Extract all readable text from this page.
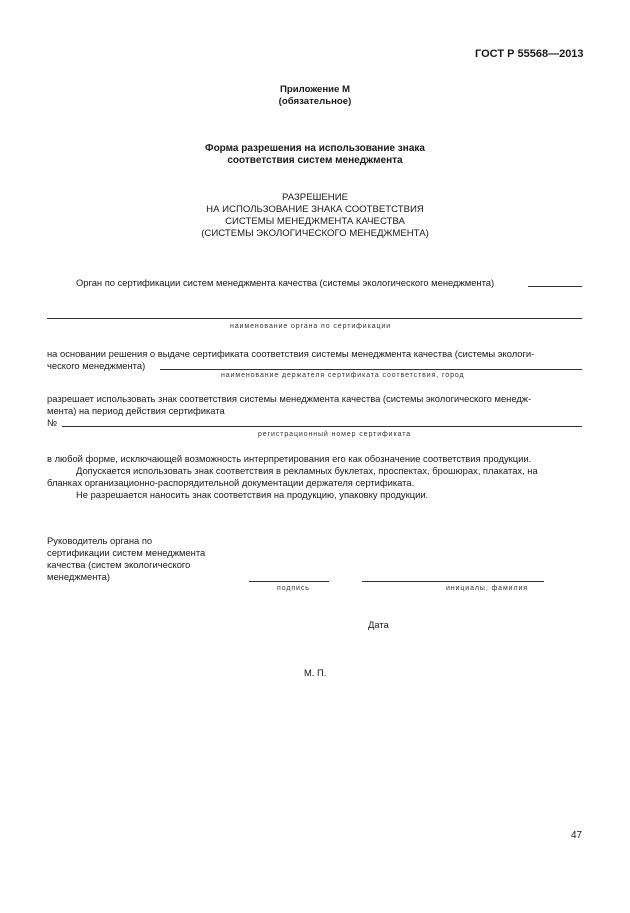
ГОСТ Р 55568—2013
Приложение М
(обязательное)
Форма разрешения на использование знака
соответствия систем менеджмента
РАЗРЕШЕНИЕ
НА ИСПОЛЬЗОВАНИЕ ЗНАКА СООТВЕТСТВИЯ
СИСТЕМЫ МЕНЕДЖМЕНТА КАЧЕСТВА
(СИСТЕМЫ ЭКОЛОГИЧЕСКОГО МЕНЕДЖМЕНТА)
Орган по сертификации систем менеджмента качества (системы экологического менеджмента)
наименование органа по сертификации
на основании решения о выдаче сертификата соответствия системы менеджмента качества (системы экологи-
ческого менеджмента)
наименование держателя сертификата соответствия, город
разрешает использовать знак соответствия системы менеджмента качества (системы экологического менедж-
мента) на период действия сертификата
№
регистрационный номер сертификата
в любой форме, исключающей возможность интерпретирования его как обозначение соответствия продукции.
Допускается использовать знак соответствия в рекламных буклетах, проспектах, брошюрах, плакатах, на
бланках организационно-распорядительной документации держателя сертификата.
Не разрешается наносить знак соответствия на продукцию, упаковку продукции.
Руководитель органа по
сертификации систем менеджмента
качества (систем экологического
менеджмента)
подпись	инициалы, фамилия
Дата
М. П.
47
